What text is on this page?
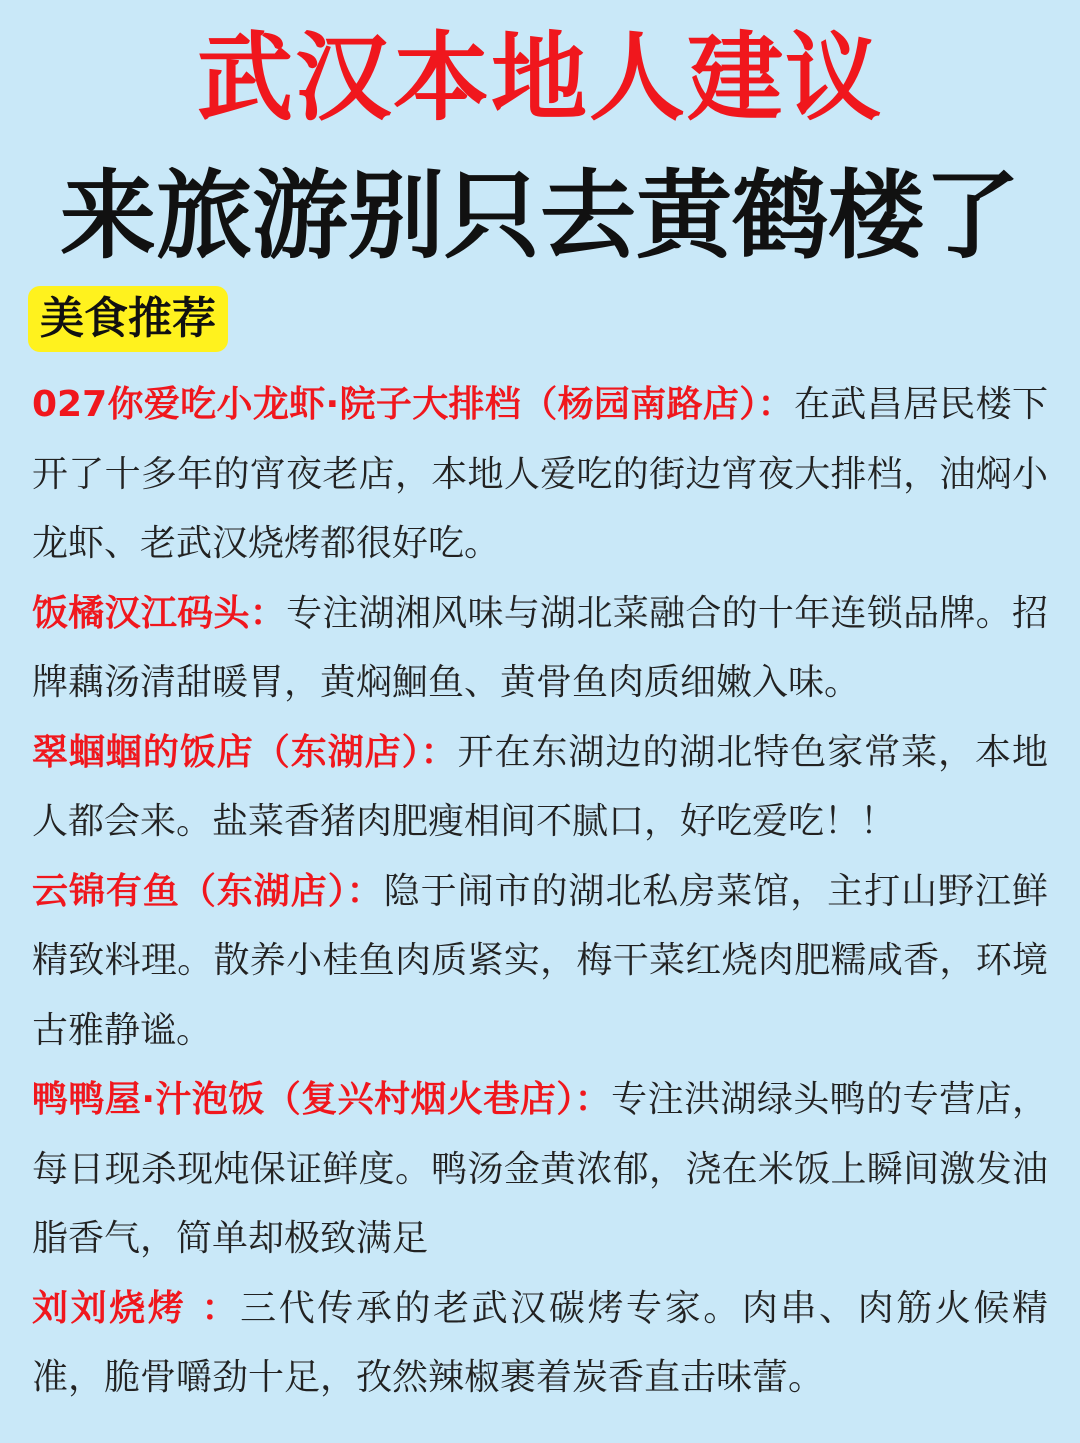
武汉本地人建议
来旅游别只去黄鹤楼了
美食推荐

027你爱吃小龙虾·院子大排档（杨园南路店）：在武昌居民楼下开了十多年的宵夜老店，本地人爱吃的街边宵夜大排档，油焖小龙虾、老武汉烧烤都很好吃。

饭橘汉江码头：专注湖湘风味与湖北菜融合的十年连锁品牌。招牌藕汤清甜暖胃，黄焖鮰鱼、黄骨鱼肉质细嫩入味。

翠蝈蝈的饭店（东湖店）：开在东湖边的湖北特色家常菜，本地人都会来。盐菜香猪肉肥瘦相间不腻口，好吃爱吃！！

云锦有鱼（东湖店）：隐于闹市的湖北私房菜馆，主打山野江鲜精致料理。散养小桂鱼肉质紧实，梅干菜红烧肉肥糯咸香，环境古雅静谧。

鸭鸭屋·汁泡饭（复兴村烟火巷店）：专注洪湖绿头鸭的专营店，每日现杀现炖保证鲜度。鸭汤金黄浓郁，浇在米饭上瞬间激发油脂香气，简单却极致满足

刘刘烧烤 ：三代传承的老武汉碳烤专家。肉串、肉筋火候精准，脆骨嚼劲十足，孜然辣椒裹着炭香直击味蕾。
